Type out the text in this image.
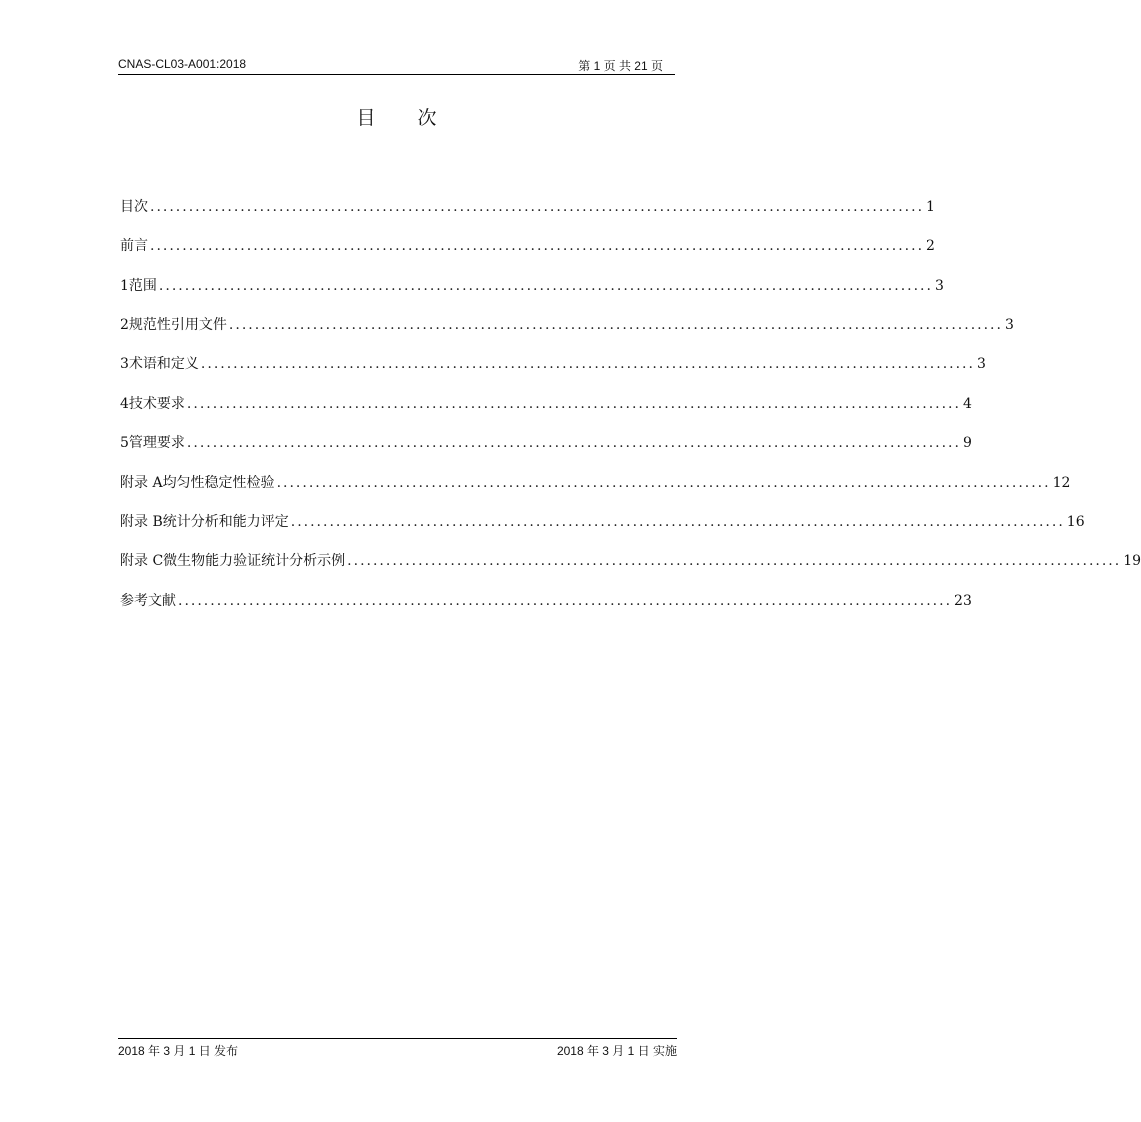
CNAS-CL03-A001:2018	第 1 页 共 21 页
目 次
目次 ........................................................................................................................ 1
前言 ........................................................................................................................ 2
1 范围 ........................................................................................................................ 3
2 规范性引用文件 ........................................................................................................................ 3
3 术语和定义 ........................................................................................................................ 3
4 技术要求 ........................................................................................................................ 4
5 管理要求 ........................................................................................................................ 9
附录 A 均匀性稳定性检验 ........................................................................................................................ 12
附录 B 统计分析和能力评定 ........................................................................................................................ 16
附录 C 微生物能力验证统计分析示例 ........................................................................................................................ 19
参考文献 ........................................................................................................................ 23
2018 年 3 月 1 日 发布	2018 年 3 月 1 日 实施
